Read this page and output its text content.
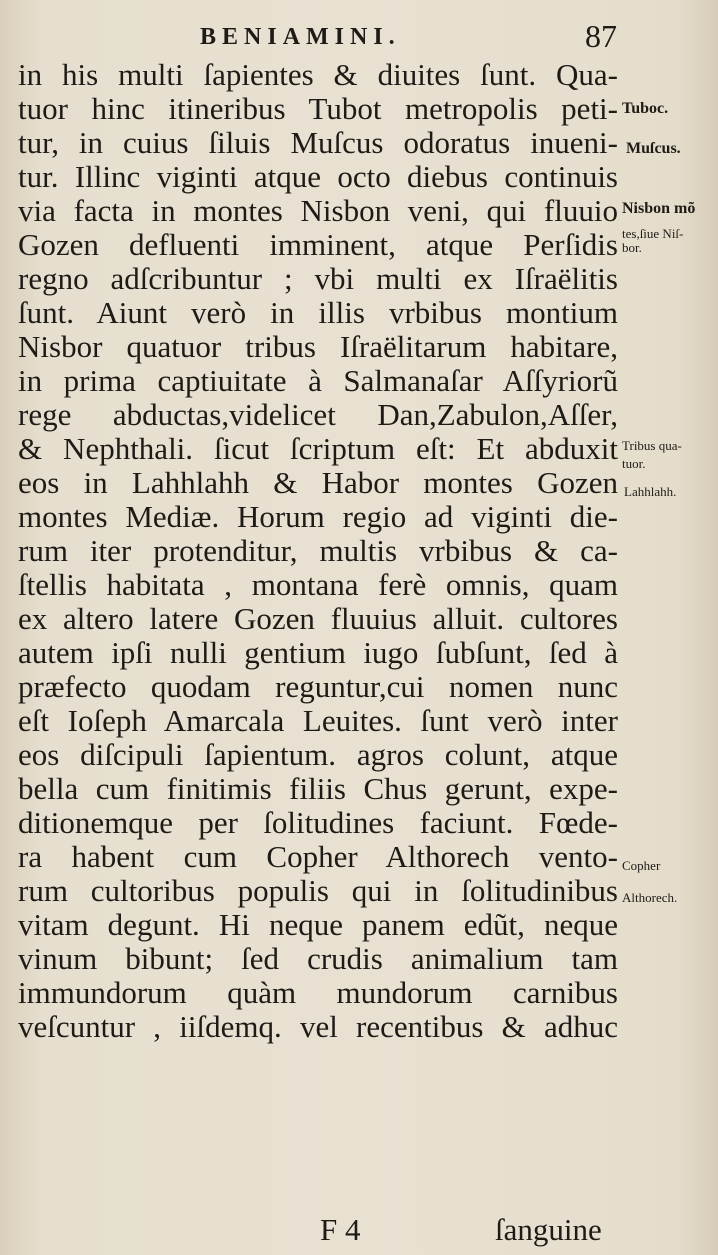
BENIAMINI.	87
in his multi ſapientes & diuites ſunt. Qua-
tuor hinc itineribus Tubot metropolis peti-
tur, in cuius ſiluis Muſcus odoratus inueni-
tur. Illinc viginti atque octo diebus continuis
via facta in montes Nisbon veni, qui fluuio
Gozen defluenti imminent, atque Perſidis
regno adſcribuntur ; vbi multi ex Iſraëlitis
ſunt. Aiunt verò in illis vrbibus montium
Nisbor quatuor tribus Iſraëlitarum habitare,
in prima captiuitate à Salmanaſar Aſſyriorũ
rege abductas,videlicet Dan,Zabulon,Aſſer,
& Nephthali. ſicut ſcriptum eſt: Et abduxit
eos in Lahhlahh & Habor montes Gozen
montes Mediæ. Horum regio ad viginti die-
rum iter protenditur, multis vrbibus & ca-
ſtellis habitata , montana ferè omnis, quam
ex altero latere Gozen fluuius alluit. cultores
autem ipſi nulli gentium iugo ſubſunt, ſed à
præfecto quodam reguntur,cui nomen nunc
eſt Ioſeph Amarcala Leuites. ſunt verò inter
eos diſcipuli ſapientum. agros colunt, atque
bella cum finitimis filiis Chus gerunt, expe-
ditionemque per ſolitudines faciunt. Fœde-
ra habent cum Copher Althorech vento-
rum cultoribus populis qui in ſolitudinibus
vitam degunt. Hi neque panem edũt, neque
vinum bibunt; ſed crudis animalium tam
immundorum quàm mundorum carnibus
veſcuntur , iiſdemq. vel recentibus & adhuc
Tuboc.
Muſcus.
Nisbon mõ
tes,ſiue Niſ-
bor.
Tribus qua-
tuor.
Lahhlahh.
Copher
Althorech.
F 4	ſanguine
